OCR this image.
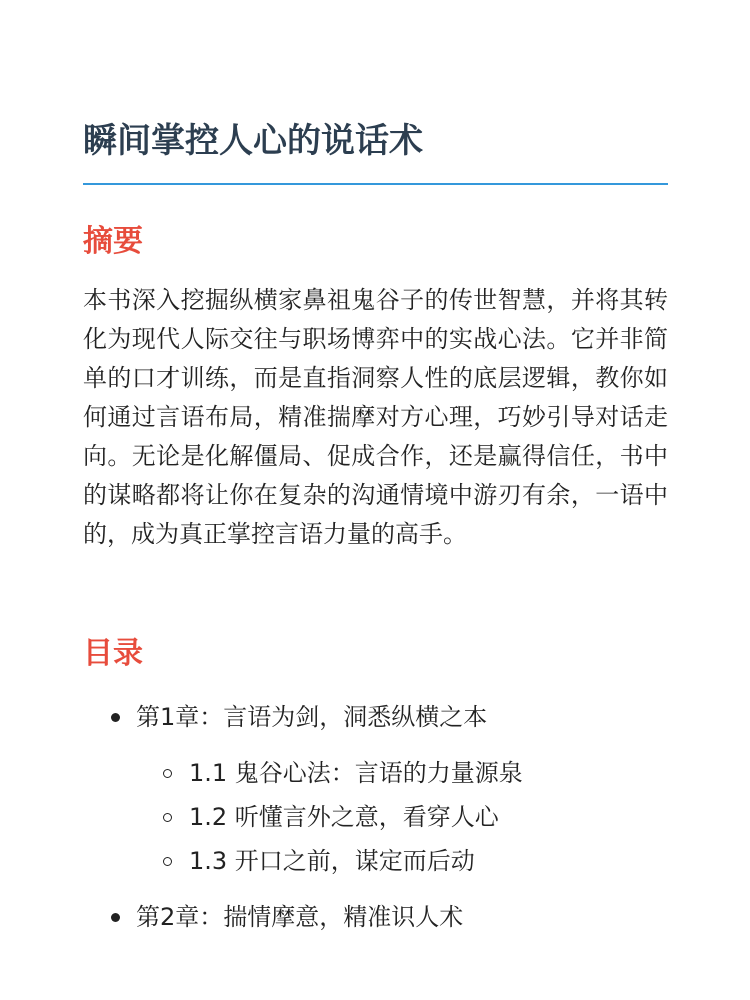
瞬间掌控人心的说话术
摘要

本书深入挖掘纵横家鼻祖鬼谷子的传世智慧，并将其转化为现代人际交往与职场博弈中的实战心法。它并非简单的口才训练，而是直指洞察人性的底层逻辑，教你如何通过言语布局，精准揣摩对方心理，巧妙引导对话走向。无论是化解僵局、促成合作，还是赢得信任，书中的谋略都将让你在复杂的沟通情境中游刃有余，一语中的，成为真正掌控言语力量的高手。

目录
第1章：言语为剑，洞悉纵横之本
1.1 鬼谷心法：言语的力量源泉
1.2 听懂言外之意，看穿人心
1.3 开口之前，谋定而后动
第2章：揣情摩意，精准识人术
